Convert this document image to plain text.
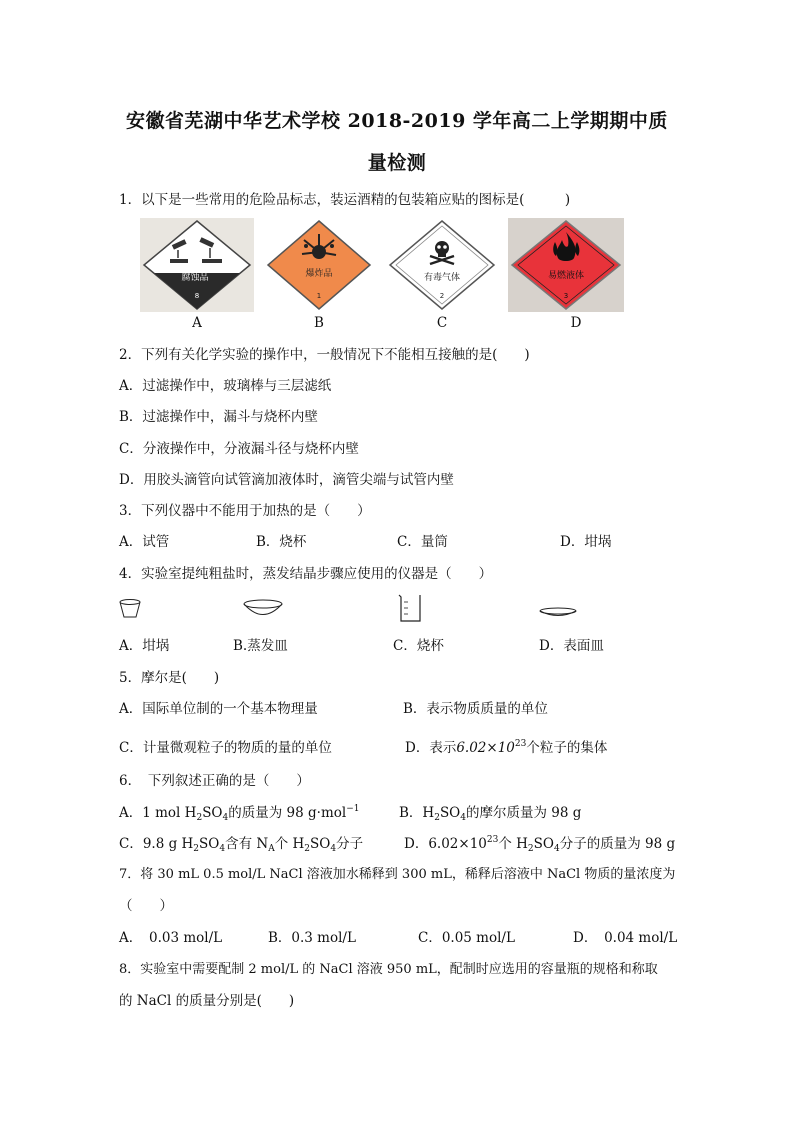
安徽省芜湖中华艺术学校 2018-2019 学年高二上学期期中质
量检测
1．以下是一些常用的危险品标志，装运酒精的包装箱应贴的图标是(　　　)
腐蚀品
8
A
爆炸品
1
B
有毒气体
2
C
易燃液体
3
D
2．下列有关化学实验的操作中，一般情况下不能相互接触的是(　　)
A．过滤操作中，玻璃棒与三层滤纸
B．过滤操作中，漏斗与烧杯内壁
C．分液操作中，分液漏斗径与烧杯内壁
D．用胶头滴管向试管滴加液体时，滴管尖端与试管内壁
3．下列仪器中不能用于加热的是（　　）
A．试管	B．烧杯	C．量筒	D．坩埚
4．实验室提纯粗盐时，蒸发结晶步骤应使用的仪器是（　　）
A．坩埚	B.蒸发皿	C．烧杯	D．表面皿
5．摩尔是(　　)
A．国际单位制的一个基本物理量	B．表示物质质量的单位
C．计量微观粒子的物质的量的单位	D．表示$6.02\times 10^{23}$个粒子的集体
6．　下列叙述正确的是（　　）
A．1 mol $H_2SO_4$的质量为 98 g·mol$^{-1}$	B．$H_2SO_4$的摩尔质量为 98 g
C．9.8 g $H_2SO_4$含有 $N_A$个 $H_2SO_4$分子	D．$6.02\times 10^{23}$个 $H_2SO_4$分子的质量为 98 g
7．将 30 mL 0.5 mol/L NaCl 溶液加水稀释到 300 mL，稀释后溶液中 NaCl 物质的量浓度为
（　　）
A．　0.03 mol/L	B．0.3 mol/L	C．0.05 mol/L	D．　0.04 mol/L
8．实验室中需要配制 2 mol/L 的 NaCl 溶液 950 mL，配制时应选用的容量瓶的规格和称取
的 NaCl 的质量分别是(　　)
